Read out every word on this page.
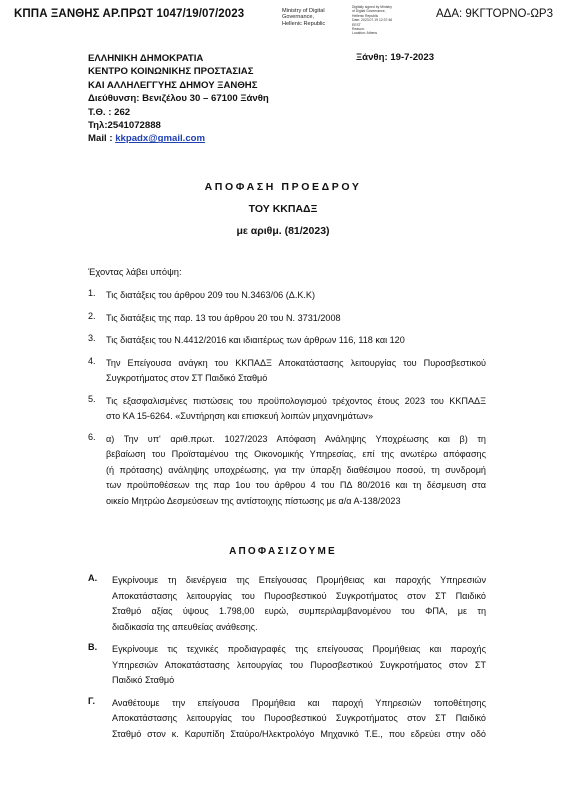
ΚΠΠΑ ΞΑΝΘΗΣ ΑΡ.ΠΡΩΤ 1047/19/07/2023	Ministry of Digital
Governance,
Hellenic Republic
Digitally signed by Ministry
of Digital Governance,
Hellenic Republic
Date: 2023.07.19 12:37:46
EEST
Reason:
Location: Athens
ΑΔΑ: 9ΚΓΤΟΡΝΟ-ΩΡ3
ΕΛΛΗΝΙΚΗ ΔΗΜΟΚΡΑΤΙΑ
ΚΕΝΤΡΟ ΚΟΙΝΩΝΙΚΗΣ ΠΡΟΣΤΑΣΙΑΣ
ΚΑΙ ΑΛΛΗΛΕΓΓΥΗΣ ΔΗΜΟΥ ΞΑΝΘΗΣ
Διεύθυνση: Βενιζέλου 30 – 67100 Ξάνθη
Τ.Θ. : 262
Τηλ:2541072888
Mail : kkpadx@gmail.com
Ξάνθη: 19-7-2023
ΑΠΟΦΑΣΗ ΠΡΟΕΔΡΟΥ
ΤΟΥ ΚΚΠΑΔΞ
με αριθμ. (81/2023)
Έχοντας λάβει υπόψη:
1.	Τις διατάξεις του άρθρου 209 του Ν.3463/06 (Δ.Κ.Κ)
2.	Τις διατάξεις της παρ. 13 του άρθρου 20 του Ν. 3731/2008
3.	Τις διατάξεις του Ν.4412/2016 και ιδιαιτέρως των άρθρων 116, 118 και 120
4.	Την Επείγουσα ανάγκη του ΚΚΠΑΔΞ Αποκατάστασης λειτουργίας του Πυροσβεστικού
Συγκροτήματος στον ΣΤ Παιδικό Σταθμό
5.	Τις εξασφαλισμένες πιστώσεις του προϋπολογισμού τρέχοντος έτους 2023 του ΚΚΠΑΔΞ
στο ΚΑ 15-6264. «Συντήρηση και επισκευή λοιπών μηχανημάτων»
6.	α) Την υπ' αριθ.πρωτ. 1027/2023 Απόφαση Ανάληψης Υποχρέωσης και β) τη
βεβαίωση του Προϊσταμένου της Οικονομικής Υπηρεσίας, επί της ανωτέρω απόφασης
(ή πρότασης) ανάληψης υποχρέωσης, για την ύπαρξη διαθέσιμου ποσού, τη συνδρομή
των προϋποθέσεων της παρ 1ου του άρθρου 4 του ΠΔ 80/2016 και τη δέσμευση στα
οικείο Μητρώο Δεσμεύσεων της αντίστοιχης πίστωσης με α/α Α-138/2023
ΑΠΟΦΑΣΙΖΟΥΜΕ
Α.	Εγκρίνουμε τη διενέργεια της Επείγουσας Προμήθειας και παροχής Υπηρεσιών
Αποκατάστασης λειτουργίας του Πυροσβεστικού Συγκροτήματος στον ΣΤ Παιδικό
Σταθμό αξίας ύψους 1.798,00 ευρώ, συμπεριλαμβανομένου του ΦΠΑ, με τη
διαδικασία της απευθείας ανάθεσης.
Β.	Εγκρίνουμε τις τεχνικές προδιαγραφές της επείγουσας Προμήθειας και παροχής
Υπηρεσιών Αποκατάστασης λειτουργίας του Πυροσβεστικού Συγκροτήματος στον ΣΤ
Παιδικό Σταθμό
Γ.	Αναθέτουμε την επείγουσα Προμήθεια και παροχή Υπηρεσιών τοποθέτησης
Αποκατάστασης λειτουργίας του Πυροσβεστικού Συγκροτήματος στον ΣΤ Παιδικό
Σταθμό στον κ. Καρυπίδη Σταύρο/Ηλεκτρολόγο Μηχανικό Τ.Ε., που εδρεύει στην οδό
